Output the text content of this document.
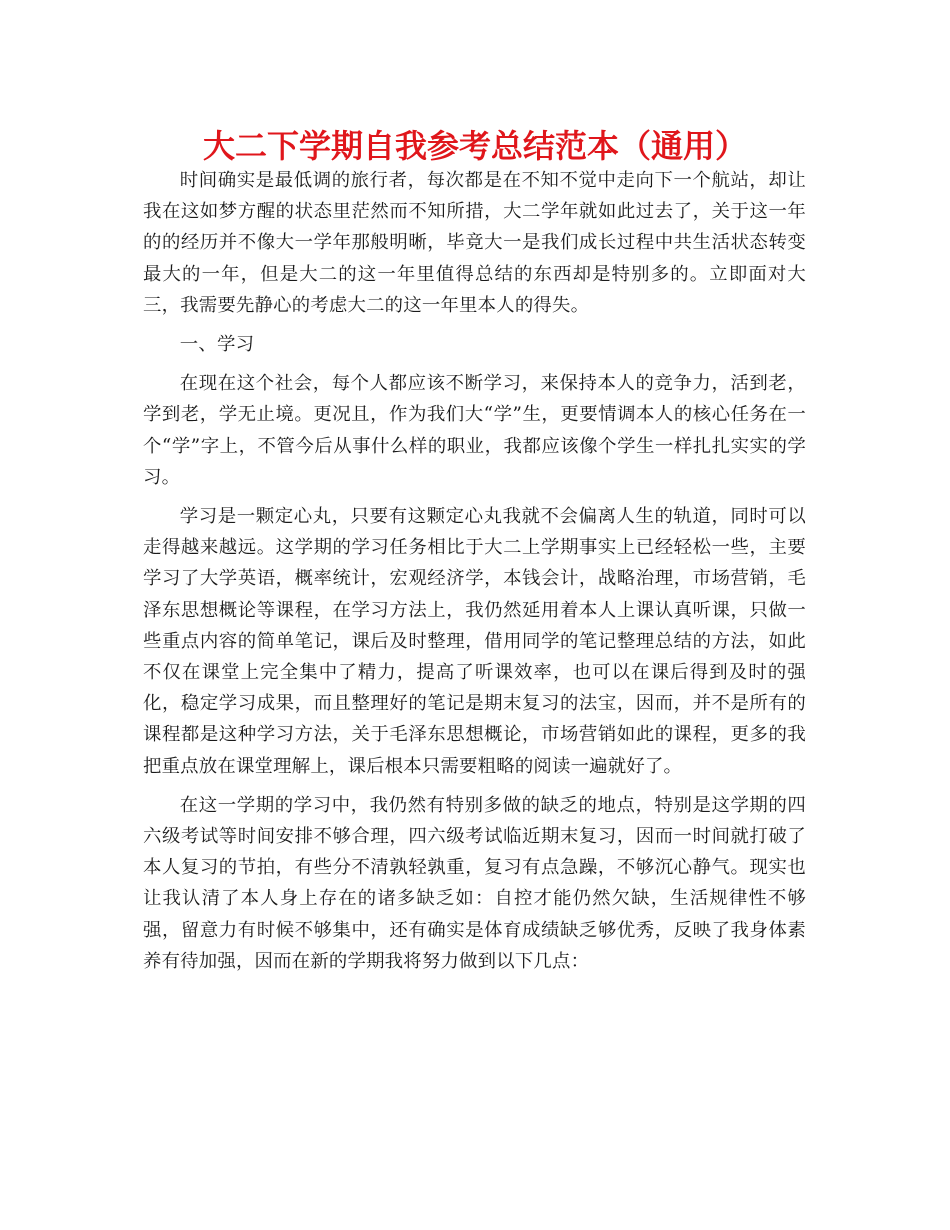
大二下学期自我参考总结范本（通用）

时间确实是最低调的旅行者，每次都是在不知不觉中走向下一个航站，却让我在这如梦方醒的状态里茫然而不知所措，大二学年就如此过去了，关于这一年的的经历并不像大一学年那般明晰，毕竟大一是我们成长过程中共生活状态转变最大的一年，但是大二的这一年里值得总结的东西却是特别多的。立即面对大三，我需要先静心的考虑大二的这一年里本人的得失。

一、学习

在现在这个社会，每个人都应该不断学习，来保持本人的竞争力，活到老，学到老，学无止境。更况且，作为我们大“学”生，更要情调本人的核心任务在一个“学”字上，不管今后从事什么样的职业，我都应该像个学生一样扎扎实实的学习。

学习是一颗定心丸，只要有这颗定心丸我就不会偏离人生的轨道，同时可以走得越来越远。这学期的学习任务相比于大二上学期事实上已经轻松一些，主要学习了大学英语，概率统计，宏观经济学，本钱会计，战略治理，市场营销，毛泽东思想概论等课程，在学习方法上，我仍然延用着本人上课认真听课，只做一些重点内容的简单笔记，课后及时整理，借用同学的笔记整理总结的方法，如此不仅在课堂上完全集中了精力，提高了听课效率，也可以在课后得到及时的强化，稳定学习成果，而且整理好的笔记是期末复习的法宝，因而，并不是所有的课程都是这种学习方法，关于毛泽东思想概论，市场营销如此的课程，更多的我把重点放在课堂理解上，课后根本只需要粗略的阅读一遍就好了。

在这一学期的学习中，我仍然有特别多做的缺乏的地点，特别是这学期的四六级考试等时间安排不够合理，四六级考试临近期末复习，因而一时间就打破了本人复习的节拍，有些分不清孰轻孰重，复习有点急躁，不够沉心静气。现实也让我认清了本人身上存在的诸多缺乏如：自控才能仍然欠缺，生活规律性不够强，留意力有时候不够集中，还有确实是体育成绩缺乏够优秀，反映了我身体素养有待加强，因而在新的学期我将努力做到以下几点：
